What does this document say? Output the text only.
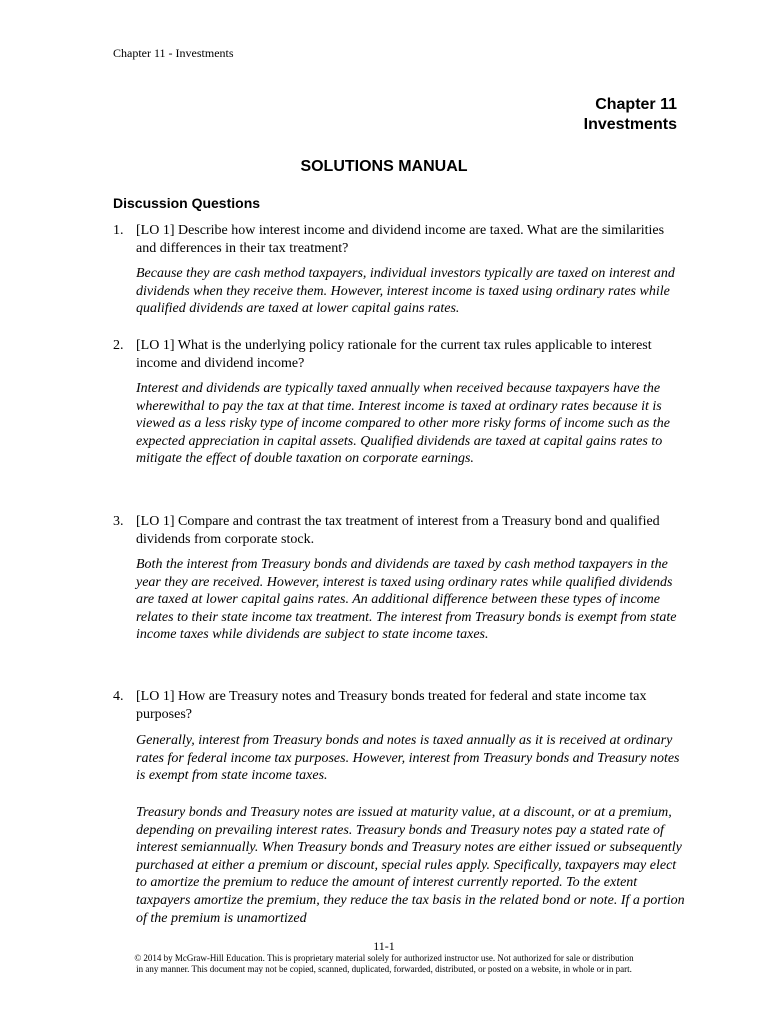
Chapter 11 - Investments
Chapter 11
Investments
SOLUTIONS MANUAL
Discussion Questions
1. [LO 1] Describe how interest income and dividend income are taxed. What are the similarities and differences in their tax treatment?
Because they are cash method taxpayers, individual investors typically are taxed on interest and dividends when they receive them. However, interest income is taxed using ordinary rates while qualified dividends are taxed at lower capital gains rates.
2. [LO 1] What is the underlying policy rationale for the current tax rules applicable to interest income and dividend income?
Interest and dividends are typically taxed annually when received because taxpayers have the wherewithal to pay the tax at that time. Interest income is taxed at ordinary rates because it is viewed as a less risky type of income compared to other more risky forms of income such as the expected appreciation in capital assets. Qualified dividends are taxed at capital gains rates to mitigate the effect of double taxation on corporate earnings.
3. [LO 1] Compare and contrast the tax treatment of interest from a Treasury bond and qualified dividends from corporate stock.
Both the interest from Treasury bonds and dividends are taxed by cash method taxpayers in the year they are received. However, interest is taxed using ordinary rates while qualified dividends are taxed at lower capital gains rates. An additional difference between these types of income relates to their state income tax treatment. The interest from Treasury bonds is exempt from state income taxes while dividends are subject to state income taxes.
4. [LO 1] How are Treasury notes and Treasury bonds treated for federal and state income tax purposes?
Generally, interest from Treasury bonds and notes is taxed annually as it is received at ordinary rates for federal income tax purposes. However, interest from Treasury bonds and Treasury notes is exempt from state income taxes.
Treasury bonds and Treasury notes are issued at maturity value, at a discount, or at a premium, depending on prevailing interest rates. Treasury bonds and Treasury notes pay a stated rate of interest semiannually. When Treasury bonds and Treasury notes are either issued or subsequently purchased at either a premium or discount, special rules apply. Specifically, taxpayers may elect to amortize the premium to reduce the amount of interest currently reported. To the extent taxpayers amortize the premium, they reduce the tax basis in the related bond or note. If a portion of the premium is unamortized
11-1
© 2014 by McGraw-Hill Education. This is proprietary material solely for authorized instructor use. Not authorized for sale or distribution
in any manner. This document may not be copied, scanned, duplicated, forwarded, distributed, or posted on a website, in whole or in part.
